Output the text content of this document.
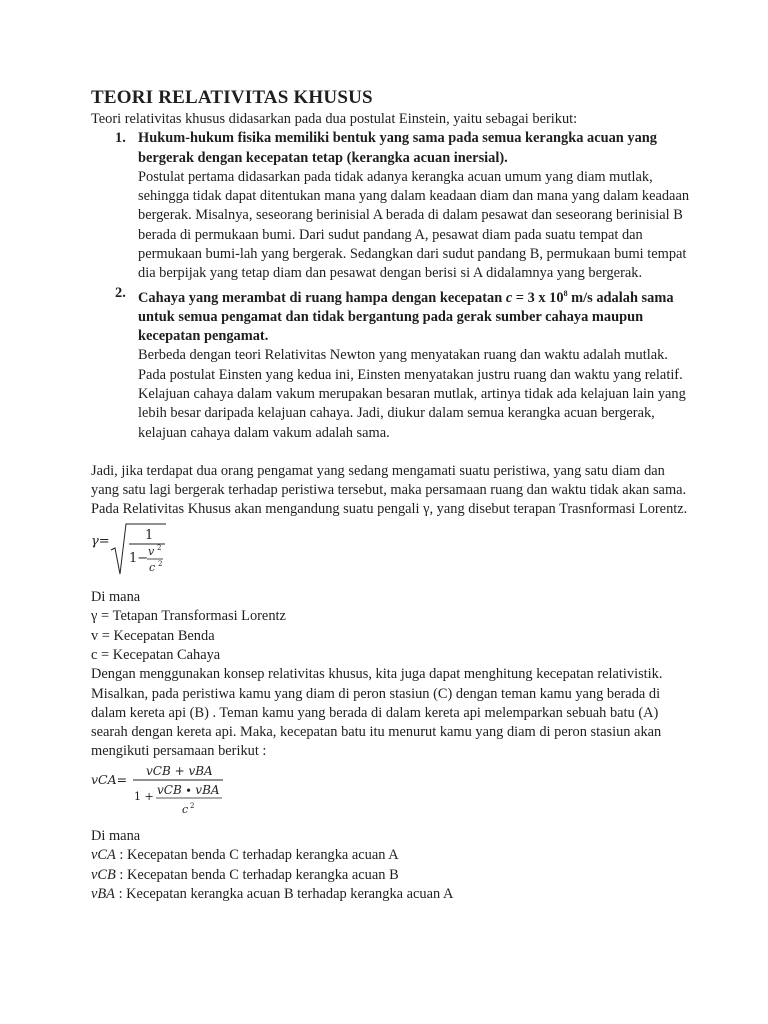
TEORI RELATIVITAS KHUSUS

Teori relativitas khusus didasarkan pada dua postulat Einstein, yaitu sebagai berikut:

1. Hukum-hukum fisika memiliki bentuk yang sama pada semua kerangka acuan yang bergerak dengan kecepatan tetap (kerangka acuan inersial).
Postulat pertama didasarkan pada tidak adanya kerangka acuan umum yang diam mutlak, sehingga tidak dapat ditentukan mana yang dalam keadaan diam dan mana yang dalam keadaan bergerak. Misalnya, seseorang berinisial A berada di dalam pesawat dan seseorang berinisial B berada di permukaan bumi. Dari sudut pandang A, pesawat diam pada suatu tempat dan permukaan bumi-lah yang bergerak. Sedangkan dari sudut pandang B, permukaan bumi tempat dia berpijak yang tetap diam dan pesawat dengan berisi si A didalamnya yang bergerak.
2. Cahaya yang merambat di ruang hampa dengan kecepatan c = 3 x $10^8$ m/s adalah sama untuk semua pengamat dan tidak bergantung pada gerak sumber cahaya maupun kecepatan pengamat.
Berbeda dengan teori Relativitas Newton yang menyatakan ruang dan waktu adalah mutlak. Pada postulat Einsten yang kedua ini, Einsten menyatakan justru ruang dan waktu yang relatif. Kelajuan cahaya dalam vakum merupakan besaran mutlak, artinya tidak ada kelajuan lain yang lebih besar daripada kelajuan cahaya. Jadi, diukur dalam semua kerangka acuan bergerak, kelajuan cahaya dalam vakum adalah sama.

Jadi, jika terdapat dua orang pengamat yang sedang mengamati suatu peristiwa, yang satu diam dan yang satu lagi bergerak terhadap peristiwa tersebut, maka persamaan ruang dan waktu tidak akan sama. Pada Relativitas Khusus akan mengandung suatu pengali γ, yang disebut terapan Trasnformasi Lorentz.

γ=	1
1− v 2
c 2

Di mana

γ = Tetapan Transformasi Lorentz

v = Kecepatan Benda

c = Kecepatan Cahaya

Dengan menggunakan konsep relativitas khusus, kita juga dapat menghitung kecepatan relativistik. Misalkan, pada peristiwa kamu yang diam di peron stasiun (C) dengan teman kamu yang berada di dalam kereta api (B) . Teman kamu yang berada di dalam kereta api melemparkan sebuah batu (A) searah dengan kereta api. Maka, kecepatan batu itu menurut kamu yang diam di peron stasiun akan mengikuti persamaan berikut :

vCA=
vCB + vBA
1 + vCB ∙ vBA
c 2

Di mana

vCA : Kecepatan benda C terhadap kerangka acuan A

vCB : Kecepatan benda C terhadap kerangka acuan B

vBA : Kecepatan kerangka acuan B terhadap kerangka acuan A
